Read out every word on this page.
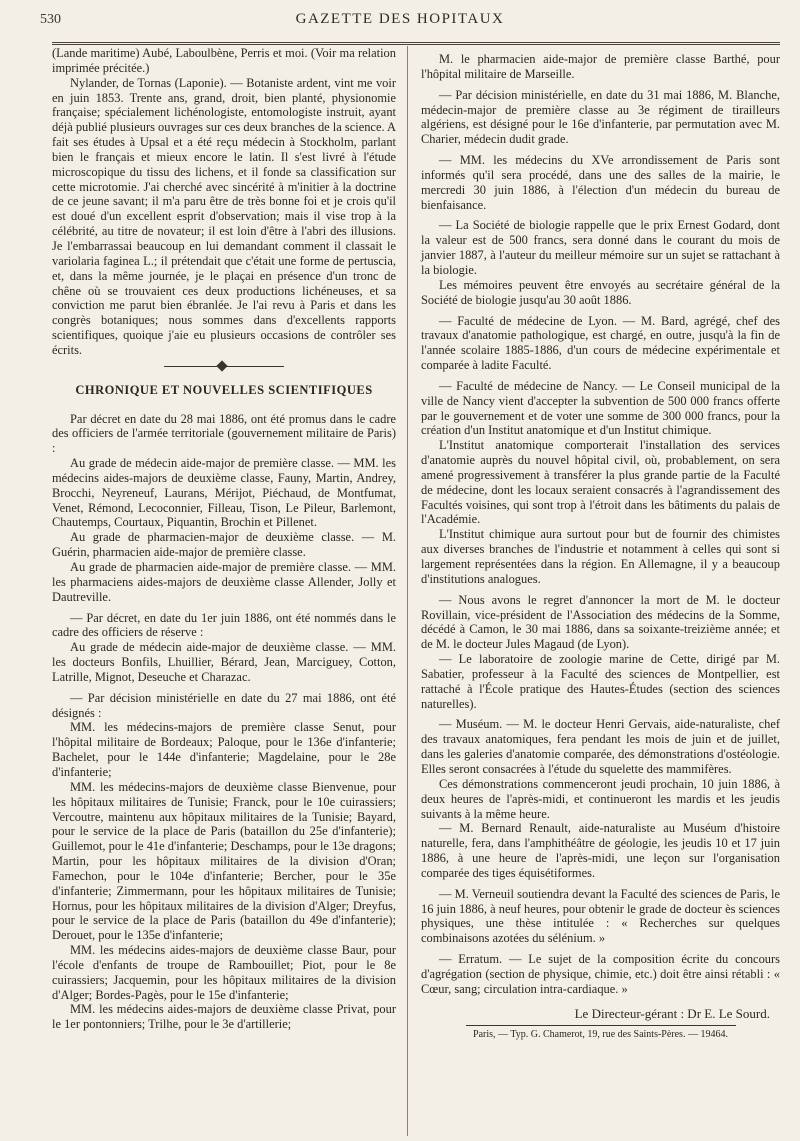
530	GAZETTE DES HOPITAUX

(Lande maritime) Aubé, Laboulbène, Perris et moi. (Voir ma relation imprimée précitée.)

Nylander, de Tornas (Laponie). — Botaniste ardent, vint me voir en juin 1853. Trente ans, grand, droit, bien planté, physionomie française; spécialement lichénologiste, entomologiste instruit, ayant déjà publié plusieurs ouvrages sur ces deux branches de la science. A fait ses études à Upsal et a été reçu médecin à Stockholm, parlant bien le français et mieux encore le latin. Il s'est livré à l'étude microscopique du tissu des lichens, et il fonde sa classification sur cette microtomie. J'ai cherché avec sincérité à m'initier à la doctrine de ce jeune savant; il m'a paru être de très bonne foi et je crois qu'il est doué d'un excellent esprit d'observation; mais il vise trop à la célébrité, au titre de novateur; il est loin d'être à l'abri des illusions. Je l'embarrassai beaucoup en lui demandant comment il classait le variolaria faginea L.; il prétendait que c'était une forme de pertuscia, et, dans la même journée, je le plaçai en présence d'un tronc de chêne où se trouvaient ces deux productions lichéneuses, et sa conviction me parut bien ébranlée. Je l'ai revu à Paris et dans les congrès botaniques; nous sommes dans d'excellents rapports scientifiques, quoique j'aie eu plusieurs occasions de contrôler ses écrits.

CHRONIQUE ET NOUVELLES SCIENTIFIQUES

Par décret en date du 28 mai 1886, ont été promus dans le cadre des officiers de l'armée territoriale (gouvernement militaire de Paris) :

Au grade de médecin aide-major de première classe. — MM. les médecins aides-majors de deuxième classe, Fauny, Martin, Andrey, Brocchi, Neyreneuf, Laurans, Mérijot, Piéchaud, de Montfumat, Venet, Rémond, Lecoconnier, Filleau, Tison, Le Pileur, Barlemont, Chautemps, Courtaux, Piquantin, Brochin et Pillenet.

Au grade de pharmacien-major de deuxième classe. — M. Guérin, pharmacien aide-major de première classe.

Au grade de pharmacien aide-major de première classe. — MM. les pharmaciens aides-majors de deuxième classe Allender, Jolly et Dautreville.

— Par décret, en date du 1er juin 1886, ont été nommés dans le cadre des officiers de réserve :

Au grade de médecin aide-major de deuxième classe. — MM. les docteurs Bonfils, Lhuillier, Bérard, Jean, Marciguey, Cotton, Latrille, Mignot, Deseuche et Charazac.

— Par décision ministérielle en date du 27 mai 1886, ont été désignés :

MM. les médecins-majors de première classe Senut, pour l'hôpital militaire de Bordeaux; Paloque, pour le 136e d'infanterie; Bachelet, pour le 144e d'infanterie; Magdelaine, pour le 28e d'infanterie;

MM. les médecins-majors de deuxième classe Bienvenue, pour les hôpitaux militaires de Tunisie; Franck, pour le 10e cuirassiers; Vercoutre, maintenu aux hôpitaux militaires de la Tunisie; Bayard, pour le service de la place de Paris (bataillon du 25e d'infanterie); Guillemot, pour le 41e d'infanterie; Deschamps, pour le 13e dragons; Martin, pour les hôpitaux militaires de la division d'Oran; Famechon, pour le 104e d'infanterie; Bercher, pour le 35e d'infanterie; Zimmermann, pour les hôpitaux militaires de Tunisie; Hornus, pour les hôpitaux militaires de la division d'Alger; Dreyfus, pour le service de la place de Paris (bataillon du 49e d'infanterie); Derouet, pour le 135e d'infanterie;

MM. les médecins aides-majors de deuxième classe Baur, pour l'école d'enfants de troupe de Rambouillet; Piot, pour le 8e cuirassiers; Jacquemin, pour les hôpitaux militaires de la division d'Alger; Bordes-Pagès, pour le 15e d'infanterie;

MM. les médecins aides-majors de deuxième classe Privat, pour le 1er pontonniers; Trilhe, pour le 3e d'artillerie;

M. le pharmacien aide-major de première classe Barthé, pour l'hôpital militaire de Marseille.

— Par décision ministérielle, en date du 31 mai 1886, M. Blanche, médecin-major de première classe au 3e régiment de tirailleurs algériens, est désigné pour le 16e d'infanterie, par permutation avec M. Charier, médecin dudit grade.

— MM. les médecins du XVe arrondissement de Paris sont informés qu'il sera procédé, dans une des salles de la mairie, le mercredi 30 juin 1886, à l'élection d'un médecin du bureau de bienfaisance.

— La Société de biologie rappelle que le prix Ernest Godard, dont la valeur est de 500 francs, sera donné dans le courant du mois de janvier 1887, à l'auteur du meilleur mémoire sur un sujet se rattachant à la biologie.

Les mémoires peuvent être envoyés au secrétaire général de la Société de biologie jusqu'au 30 août 1886.

— Faculté de médecine de Lyon. — M. Bard, agrégé, chef des travaux d'anatomie pathologique, est chargé, en outre, jusqu'à la fin de l'année scolaire 1885-1886, d'un cours de médecine expérimentale et comparée à ladite Faculté.

— Faculté de médecine de Nancy. — Le Conseil municipal de la ville de Nancy vient d'accepter la subvention de 500 000 francs offerte par le gouvernement et de voter une somme de 300 000 francs, pour la création d'un Institut anatomique et d'un Institut chimique.

L'Institut anatomique comporterait l'installation des services d'anatomie auprès du nouvel hôpital civil, où, probablement, on sera amené progressivement à transférer la plus grande partie de la Faculté de médecine, dont les locaux seraient consacrés à l'agrandissement des Facultés voisines, qui sont trop à l'étroit dans les bâtiments du palais de l'Académie.

L'Institut chimique aura surtout pour but de fournir des chimistes aux diverses branches de l'industrie et notamment à celles qui sont si largement représentées dans la région. En Allemagne, il y a beaucoup d'institutions analogues.

— Nous avons le regret d'annoncer la mort de M. le docteur Rovillain, vice-président de l'Association des médecins de la Somme, décédé à Camon, le 30 mai 1886, dans sa soixante-treizième année; et de M. le docteur Jules Magaud (de Lyon).

— Le laboratoire de zoologie marine de Cette, dirigé par M. Sabatier, professeur à la Faculté des sciences de Montpellier, est rattaché à l'École pratique des Hautes-Études (section des sciences naturelles).

— Muséum. — M. le docteur Henri Gervais, aide-naturaliste, chef des travaux anatomiques, fera pendant les mois de juin et de juillet, dans les galeries d'anatomie comparée, des démonstrations d'ostéologie. Elles seront consacrées à l'étude du squelette des mammifères.

Ces démonstrations commenceront jeudi prochain, 10 juin 1886, à deux heures de l'après-midi, et continueront les mardis et les jeudis suivants à la même heure.

— M. Bernard Renault, aide-naturaliste au Muséum d'histoire naturelle, fera, dans l'amphithéâtre de géologie, les jeudis 10 et 17 juin 1886, à une heure de l'après-midi, une leçon sur l'organisation comparée des tiges équisétiformes.

— M. Verneuil soutiendra devant la Faculté des sciences de Paris, le 16 juin 1886, à neuf heures, pour obtenir le grade de docteur ès sciences physiques, une thèse intitulée : « Recherches sur quelques combinaisons azotées du sélénium. »

— Erratum. — Le sujet de la composition écrite du concours d'agrégation (section de physique, chimie, etc.) doit être ainsi rétabli : « Cœur, sang; circulation intra-cardiaque. »

Le Directeur-gérant : Dr E. Le Sourd.
Paris, — Typ. G. Chamerot, 19, rue des Saints-Pères. — 19464.
